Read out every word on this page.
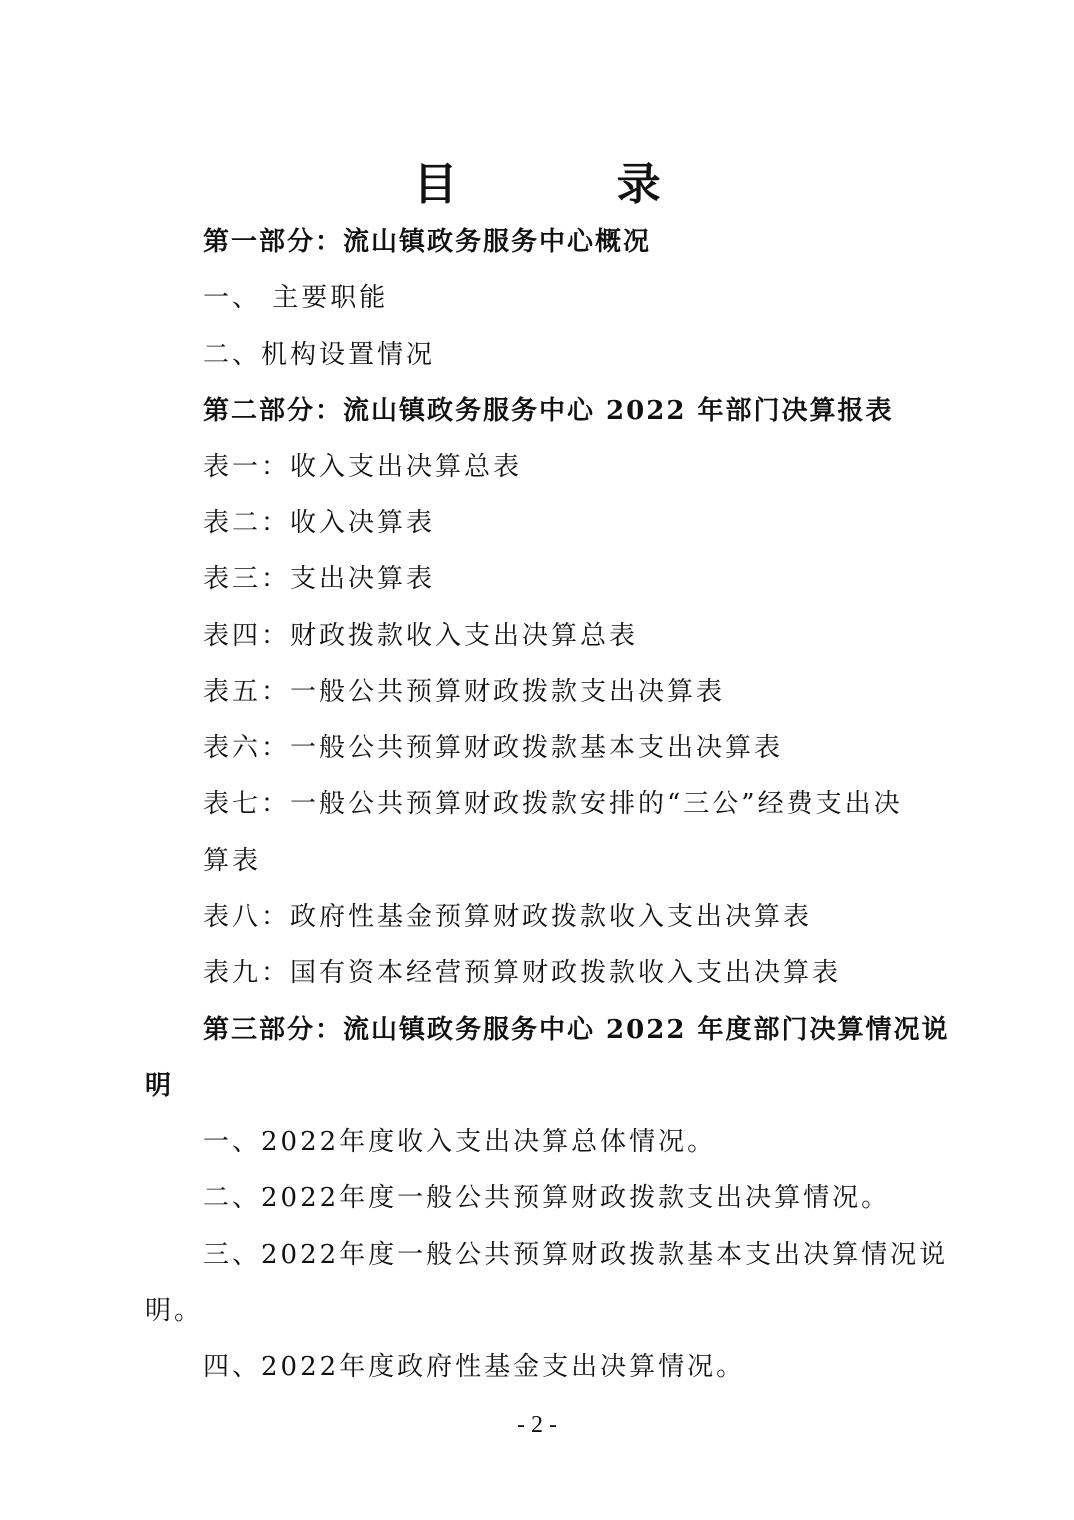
目 录
第一部分：流山镇政务服务中心概况
一、 主要职能
二、机构设置情况
第二部分：流山镇政务服务中心 2022 年部门决算报表
表一：收入支出决算总表
表二：收入决算表
表三：支出决算表
表四：财政拨款收入支出决算总表
表五：一般公共预算财政拨款支出决算表
表六：一般公共预算财政拨款基本支出决算表
表七：一般公共预算财政拨款安排的“三公”经费支出决
算表
表八：政府性基金预算财政拨款收入支出决算表
表九：国有资本经营预算财政拨款收入支出决算表
第三部分：流山镇政务服务中心 2022 年度部门决算情况说
明
一、2022年度收入支出决算总体情况。
二、2022年度一般公共预算财政拨款支出决算情况。
三、2022年度一般公共预算财政拨款基本支出决算情况说
明。
四、2022年度政府性基金支出决算情况。
- 2 -
